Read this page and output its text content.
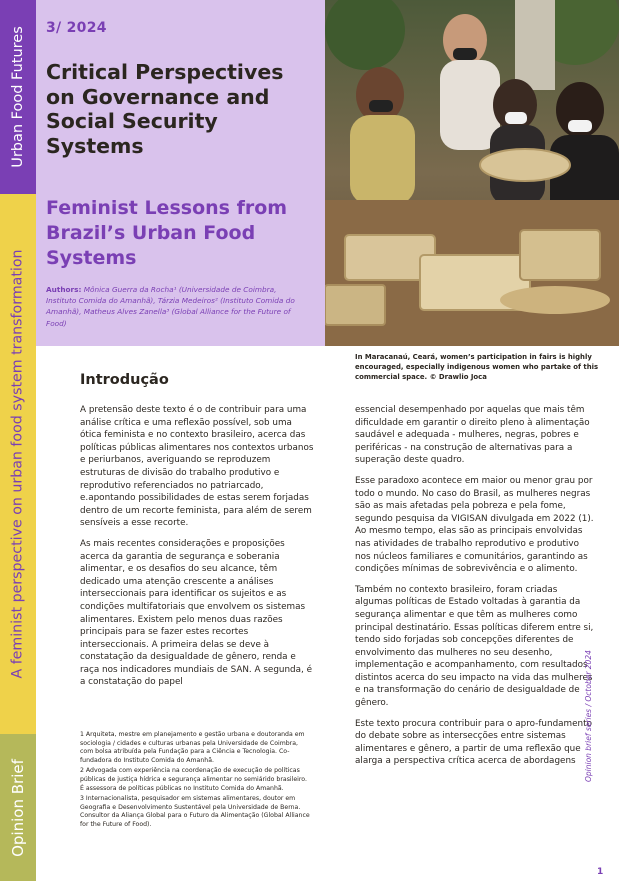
Urban Food Futures
A feminist perspective on urban food system transformation
Opinion Brief
3/ 2024
Critical Perspectives on Governance and Social Security Systems
Feminist Lessons from Brazil’s Urban Food Systems
Authors: Mônica Guerra da Rocha¹ (Universidade de Coimbra, Instituto Comida do Amanhã), Tárzia Medeiros² (Instituto Comida do Amanhã), Matheus Alves Zanella³ (Global Alliance for the Future of Food)
In Maracanaú, Ceará, women’s participation in fairs is highly encouraged, especially indigenous women who partake of this commercial space. © Drawlio Joca
Introdução

A pretensão deste texto é o de contribuir para uma análise crítica e uma reflexão possível, sob uma ótica feminista e no contexto brasileiro, acerca das políticas públicas alimentares nos contextos urbanos e periurbanos, averiguando se reproduzem estruturas de divisão do trabalho produtivo e reprodutivo referenciados no patriarcado, e.apontando possibilidades de estas serem forjadas dentro de um recorte feminista, para além de serem sensíveis a esse recorte.

As mais recentes considerações e proposições acerca da garantia de segurança e soberania alimentar, e os desafios do seu alcance, têm dedicado uma atenção crescente a análises interseccionais para identificar os sujeitos e as condições multifatoriais que envolvem os sistemas alimentares. Existem pelo menos duas razões principais para se fazer estes recortes interseccionais. A primeira delas se deve à constatação da desigualdade de gênero, renda e raça nos indicadores mundiais de SAN. A segunda, é a constatação do papel

essencial desempenhado por aquelas que mais têm dificuldade em garantir o direito pleno à alimentação saudável e adequada - mulheres, negras, pobres e periféricas - na construção de alternativas para a superação deste quadro.

Esse paradoxo acontece em maior ou menor grau por todo o mundo. No caso do Brasil, as mulheres negras são as mais afetadas pela pobreza e pela fome, segundo pesquisa da VIGISAN divulgada em 2022 (1). Ao mesmo tempo, elas são as principais envolvidas nas atividades de trabalho reprodutivo e produtivo nos núcleos familiares e comunitários, garantindo as condições mínimas de sobrevivência e o alimento.

Também no contexto brasileiro, foram criadas algumas políticas de Estado voltadas à garantia da segurança alimentar e que têm as mulheres como principal destinatário. Essas políticas diferem entre si, tendo sido forjadas sob concepções diferentes de envolvimento das mulheres no seu desenho, implementação e acompanhamento, com resultados distintos acerca do seu impacto na vida das mulheres e na transformação do cenário de desigualdade de gênero.

Este texto procura contribuir para o apro-fundamento do debate sobre as intersecções entre sistemas alimentares e gênero, a partir de uma reflexão que alarga a perspectiva crítica acerca de abordagens

1 Arquiteta, mestre em planejamento e gestão urbana e doutoranda em sociologia / cidades e culturas urbanas pela Universidade de Coimbra, com bolsa atribuída pela Fundação para a Ciência e Tecnologia. Co-fundadora do Instituto Comida do Amanhã.
2 Advogada com experiência na coordenação de execução de políticas públicas de justiça hídrica e segurança alimentar no semiárido brasileiro. É assessora de políticas públicas no Instituto Comida do Amanhã.
3 Internacionalista, pesquisador em sistemas alimentares, doutor em Geografia e Desenvolvimento Sustentável pela Universidade de Berna. Consultor da Aliança Global para o Futuro da Alimentação (Global Alliance for the Future of Food).
Opinion brief series / October 2024
1
